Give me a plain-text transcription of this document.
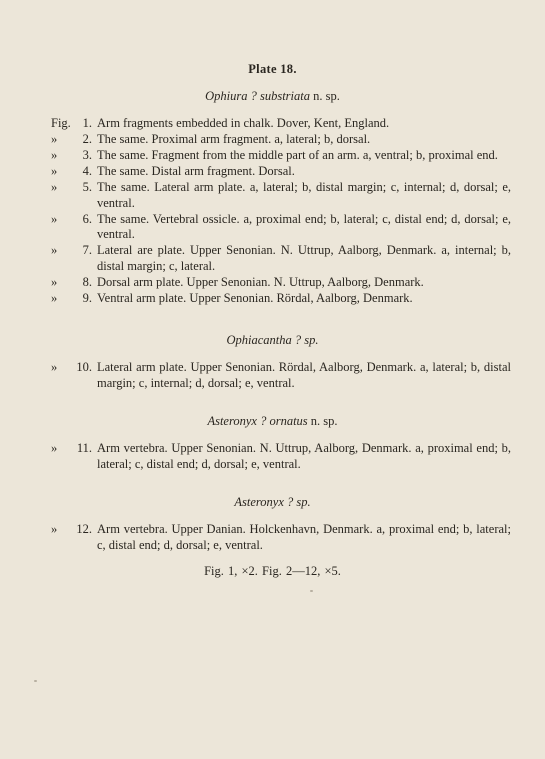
Plate 18.
Ophiura ? substriata n. sp.
Fig. 1. Arm fragments embedded in chalk. Dover, Kent, England.
»	2. The same. Proximal arm fragment. a, lateral; b, dorsal.
»	3. The same. Fragment from the middle part of an arm. a, ventral; b, proximal end.
»	4. The same. Distal arm fragment. Dorsal.
»	5. The same. Lateral arm plate. a, lateral; b, distal margin; c, internal; d, dorsal; e, ventral.
»	6. The same. Vertebral ossicle. a, proximal end; b, lateral; c, distal end; d, dorsal; e, ventral.
»	7. Lateral are plate. Upper Senonian. N. Uttrup, Aalborg, Denmark. a, internal; b, distal margin; c, lateral.
»	8. Dorsal arm plate. Upper Senonian. N. Uttrup, Aalborg, Denmark.
»	9. Ventral arm plate. Upper Senonian. Rördal, Aalborg, Denmark.
Ophiacantha ? sp.
»	10. Lateral arm plate. Upper Senonian. Rördal, Aalborg, Denmark. a, lateral; b, distal margin; c, internal; d, dorsal; e, ventral.
Asteronyx ? ornatus n. sp.
»	11. Arm vertebra. Upper Senonian. N. Uttrup, Aalborg, Denmark. a, proximal end; b, lateral; c, distal end; d, dorsal; e, ventral.
Asteronyx ? sp.
»	12. Arm vertebra. Upper Danian. Holckenhavn, Denmark. a, proximal end; b, lateral; c, distal end; d, dorsal; e, ventral.
Fig. 1, ×2. Fig. 2—12, ×5.
